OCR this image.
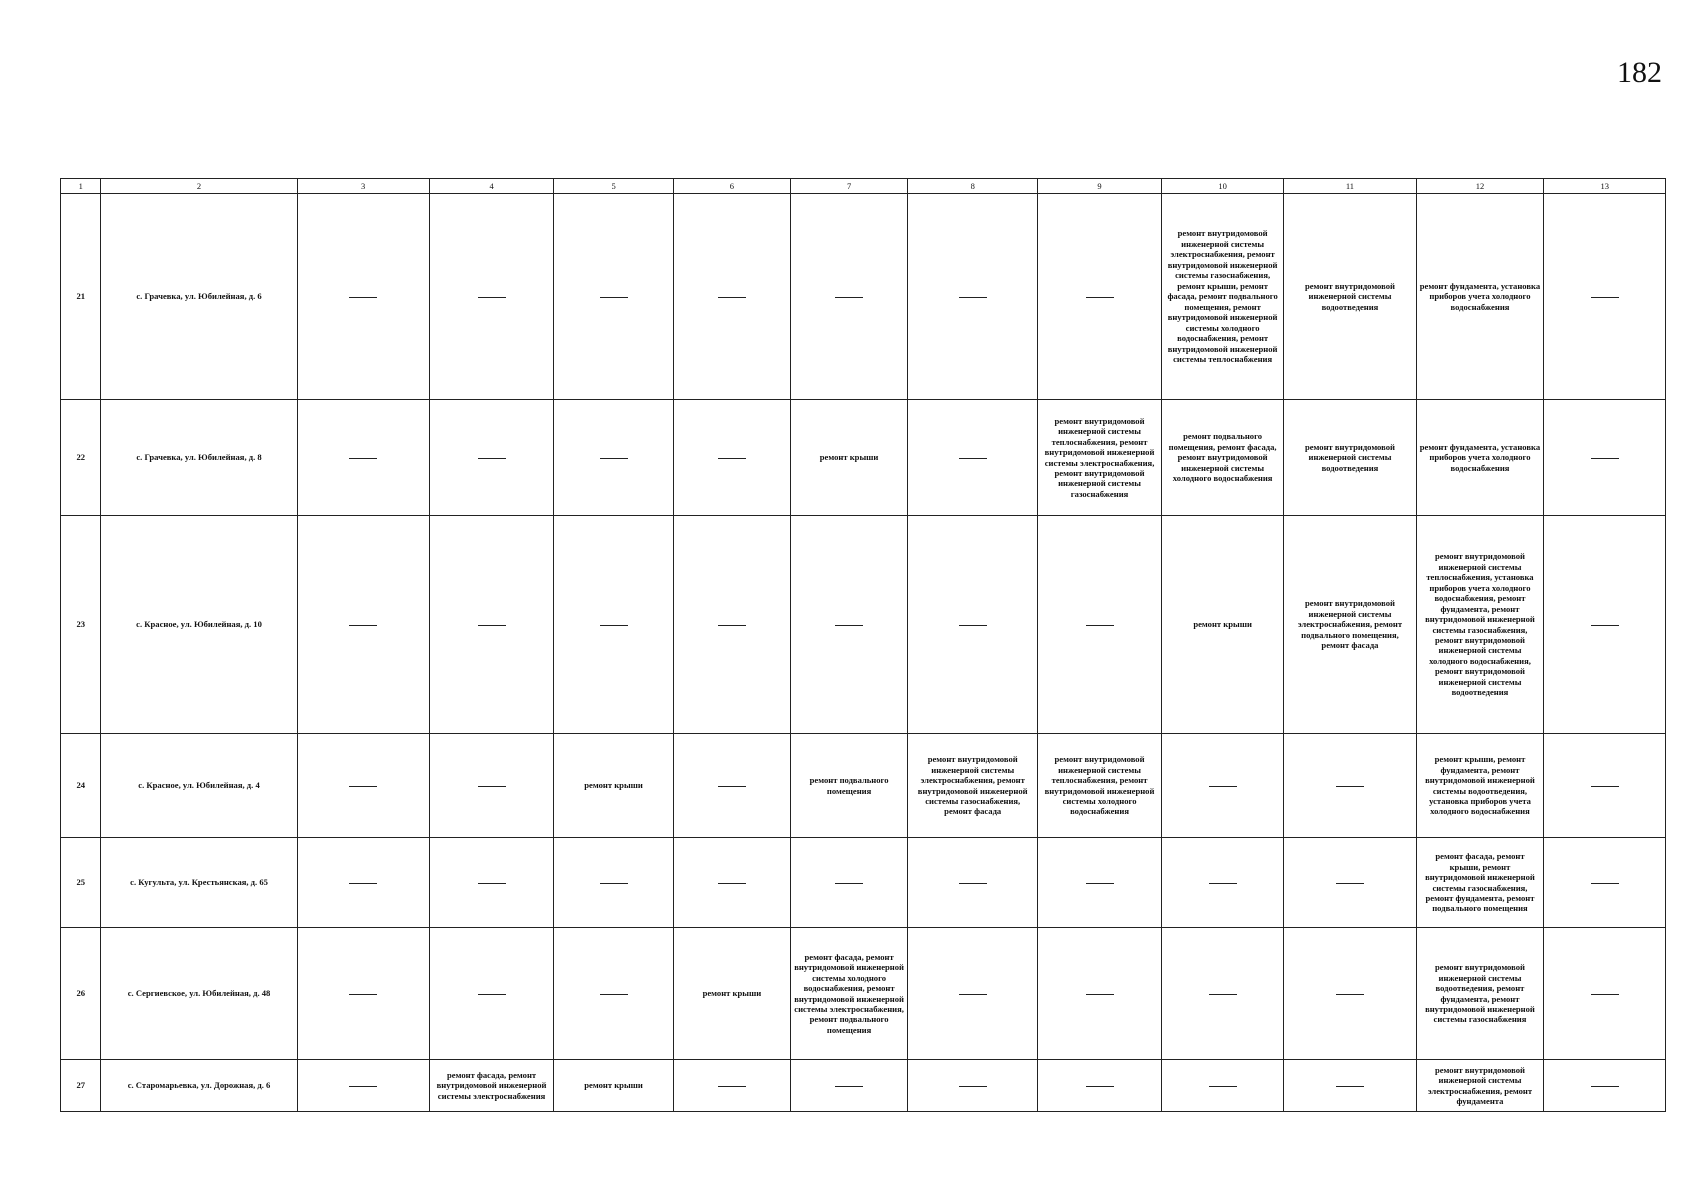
182
1	2	3	4	5	6	7	8	9	10	11	12	13
21	с. Грачевка, ул. Юбилейная, д. 6								ремонт внутридомовой инженерной системы электроснабжения, ремонт внутридомовой инженерной системы газоснабжения, ремонт крыши, ремонт фасада, ремонт подвального помещения, ремонт внутридомовой инженерной системы холодного водоснабжения, ремонт внутридомовой инженерной системы теплоснабжения	ремонт внутридомовой инженерной системы водоотведения	ремонт фундамента, установка приборов учета холодного водоснабжения	
22	с. Грачевка, ул. Юбилейная, д. 8					ремонт крыши		ремонт внутридомовой инженерной системы теплоснабжения, ремонт внутридомовой инженерной системы электроснабжения, ремонт внутридомовой инженерной системы газоснабжения	ремонт подвального помещения, ремонт фасада, ремонт внутридомовой инженерной системы холодного водоснабжения	ремонт внутридомовой инженерной системы водоотведения	ремонт фундамента, установка приборов учета холодного водоснабжения	
23	с. Красное, ул. Юбилейная, д. 10								ремонт крыши	ремонт внутридомовой инженерной системы электроснабжения, ремонт подвального помещения, ремонт фасада	ремонт внутридомовой инженерной системы теплоснабжения, установка приборов учета холодного водоснабжения, ремонт фундамента, ремонт внутридомовой инженерной системы газоснабжения, ремонт внутридомовой инженерной системы холодного водоснабжения, ремонт внутридомовой инженерной системы водоотведения	
24	с. Красное, ул. Юбилейная, д. 4			ремонт крыши		ремонт подвального помещения	ремонт внутридомовой инженерной системы электроснабжения, ремонт внутридомовой инженерной системы газоснабжения, ремонт фасада	ремонт внутридомовой инженерной системы теплоснабжения, ремонт внутридомовой инженерной системы холодного водоснабжения			ремонт крыши, ремонт фундамента, ремонт внутридомовой инженерной системы водоотведения, установка приборов учета холодного водоснабжения	
25	с. Кугульта, ул. Крестьянская, д. 65										ремонт фасада, ремонт крыши, ремонт внутридомовой инженерной системы газоснабжения, ремонт фундамента, ремонт подвального помещения	
26	с. Сергиевское, ул. Юбилейная, д. 48				ремонт крыши	ремонт фасада, ремонт внутридомовой инженерной системы холодного водоснабжения, ремонт внутридомовой инженерной системы электроснабжения, ремонт подвального помещения					ремонт внутридомовой инженерной системы водоотведения, ремонт фундамента, ремонт внутридомовой инженерной системы газоснабжения	
27	с. Старомарьевка, ул. Дорожная, д. 6		ремонт фасада, ремонт внутридомовой инженерной системы электроснабжения	ремонт крыши							ремонт внутридомовой инженерной системы электроснабжения, ремонт фундамента	
